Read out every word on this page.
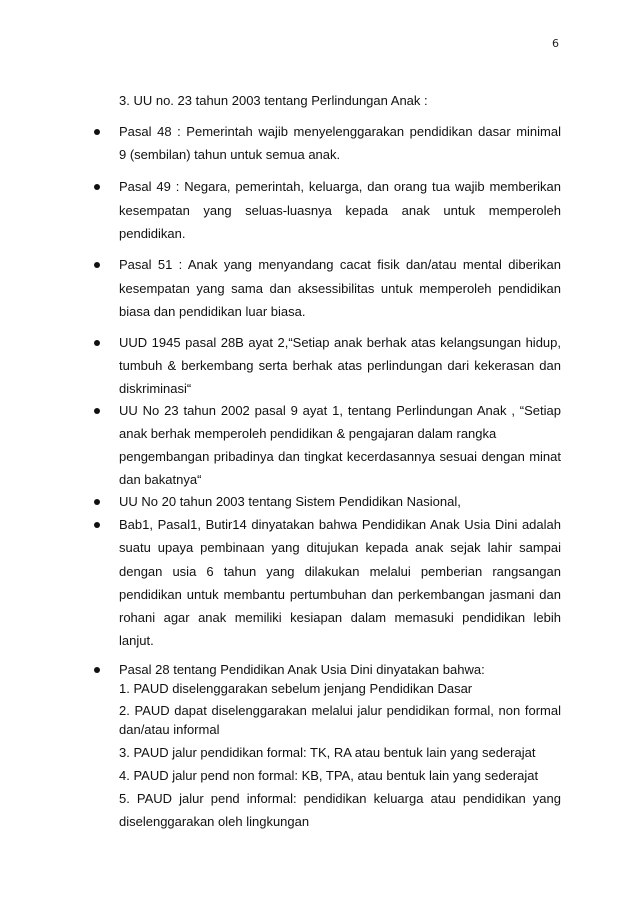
6
3. UU no. 23 tahun 2003 tentang Perlindungan Anak :
Pasal 48 : Pemerintah wajib menyelenggarakan pendidikan dasar minimal
9 (sembilan) tahun untuk semua anak.
Pasal 49 : Negara, pemerintah, keluarga, dan orang tua wajib memberikan
kesempatan yang seluas-luasnya kepada anak untuk memperoleh
pendidikan.
Pasal 51 : Anak yang menyandang cacat fisik dan/atau mental diberikan
kesempatan yang sama dan aksessibilitas untuk memperoleh pendidikan
biasa dan pendidikan luar biasa.
UUD 1945 pasal 28B ayat 2,“Setiap anak berhak atas kelangsungan hidup,
tumbuh & berkembang serta berhak atas perlindungan dari kekerasan dan
diskriminasi“
UU No 23 tahun 2002 pasal 9 ayat 1, tentang Perlindungan Anak , “Setiap
anak berhak memperoleh pendidikan & pengajaran dalam rangka
pengembangan pribadinya dan tingkat kecerdasannya sesuai dengan minat
dan bakatnya“
UU No 20 tahun 2003 tentang Sistem Pendidikan Nasional,
Bab1, Pasal1, Butir14 dinyatakan bahwa Pendidikan Anak Usia Dini adalah
suatu upaya pembinaan yang ditujukan kepada anak sejak lahir sampai
dengan usia 6 tahun yang dilakukan melalui pemberian rangsangan
pendidikan untuk membantu pertumbuhan dan perkembangan jasmani dan
rohani agar anak memiliki kesiapan dalam memasuki pendidikan lebih
lanjut.
Pasal 28 tentang Pendidikan Anak Usia Dini dinyatakan bahwa:
1. PAUD diselenggarakan sebelum jenjang Pendidikan Dasar
2. PAUD dapat diselenggarakan melalui jalur pendidikan formal, non formal
dan/atau informal
3. PAUD jalur pendidikan formal: TK, RA atau bentuk lain yang sederajat
4. PAUD jalur pend non formal: KB, TPA, atau bentuk lain yang sederajat
5. PAUD jalur pend informal: pendidikan keluarga atau pendidikan yang
diselenggarakan oleh lingkungan
